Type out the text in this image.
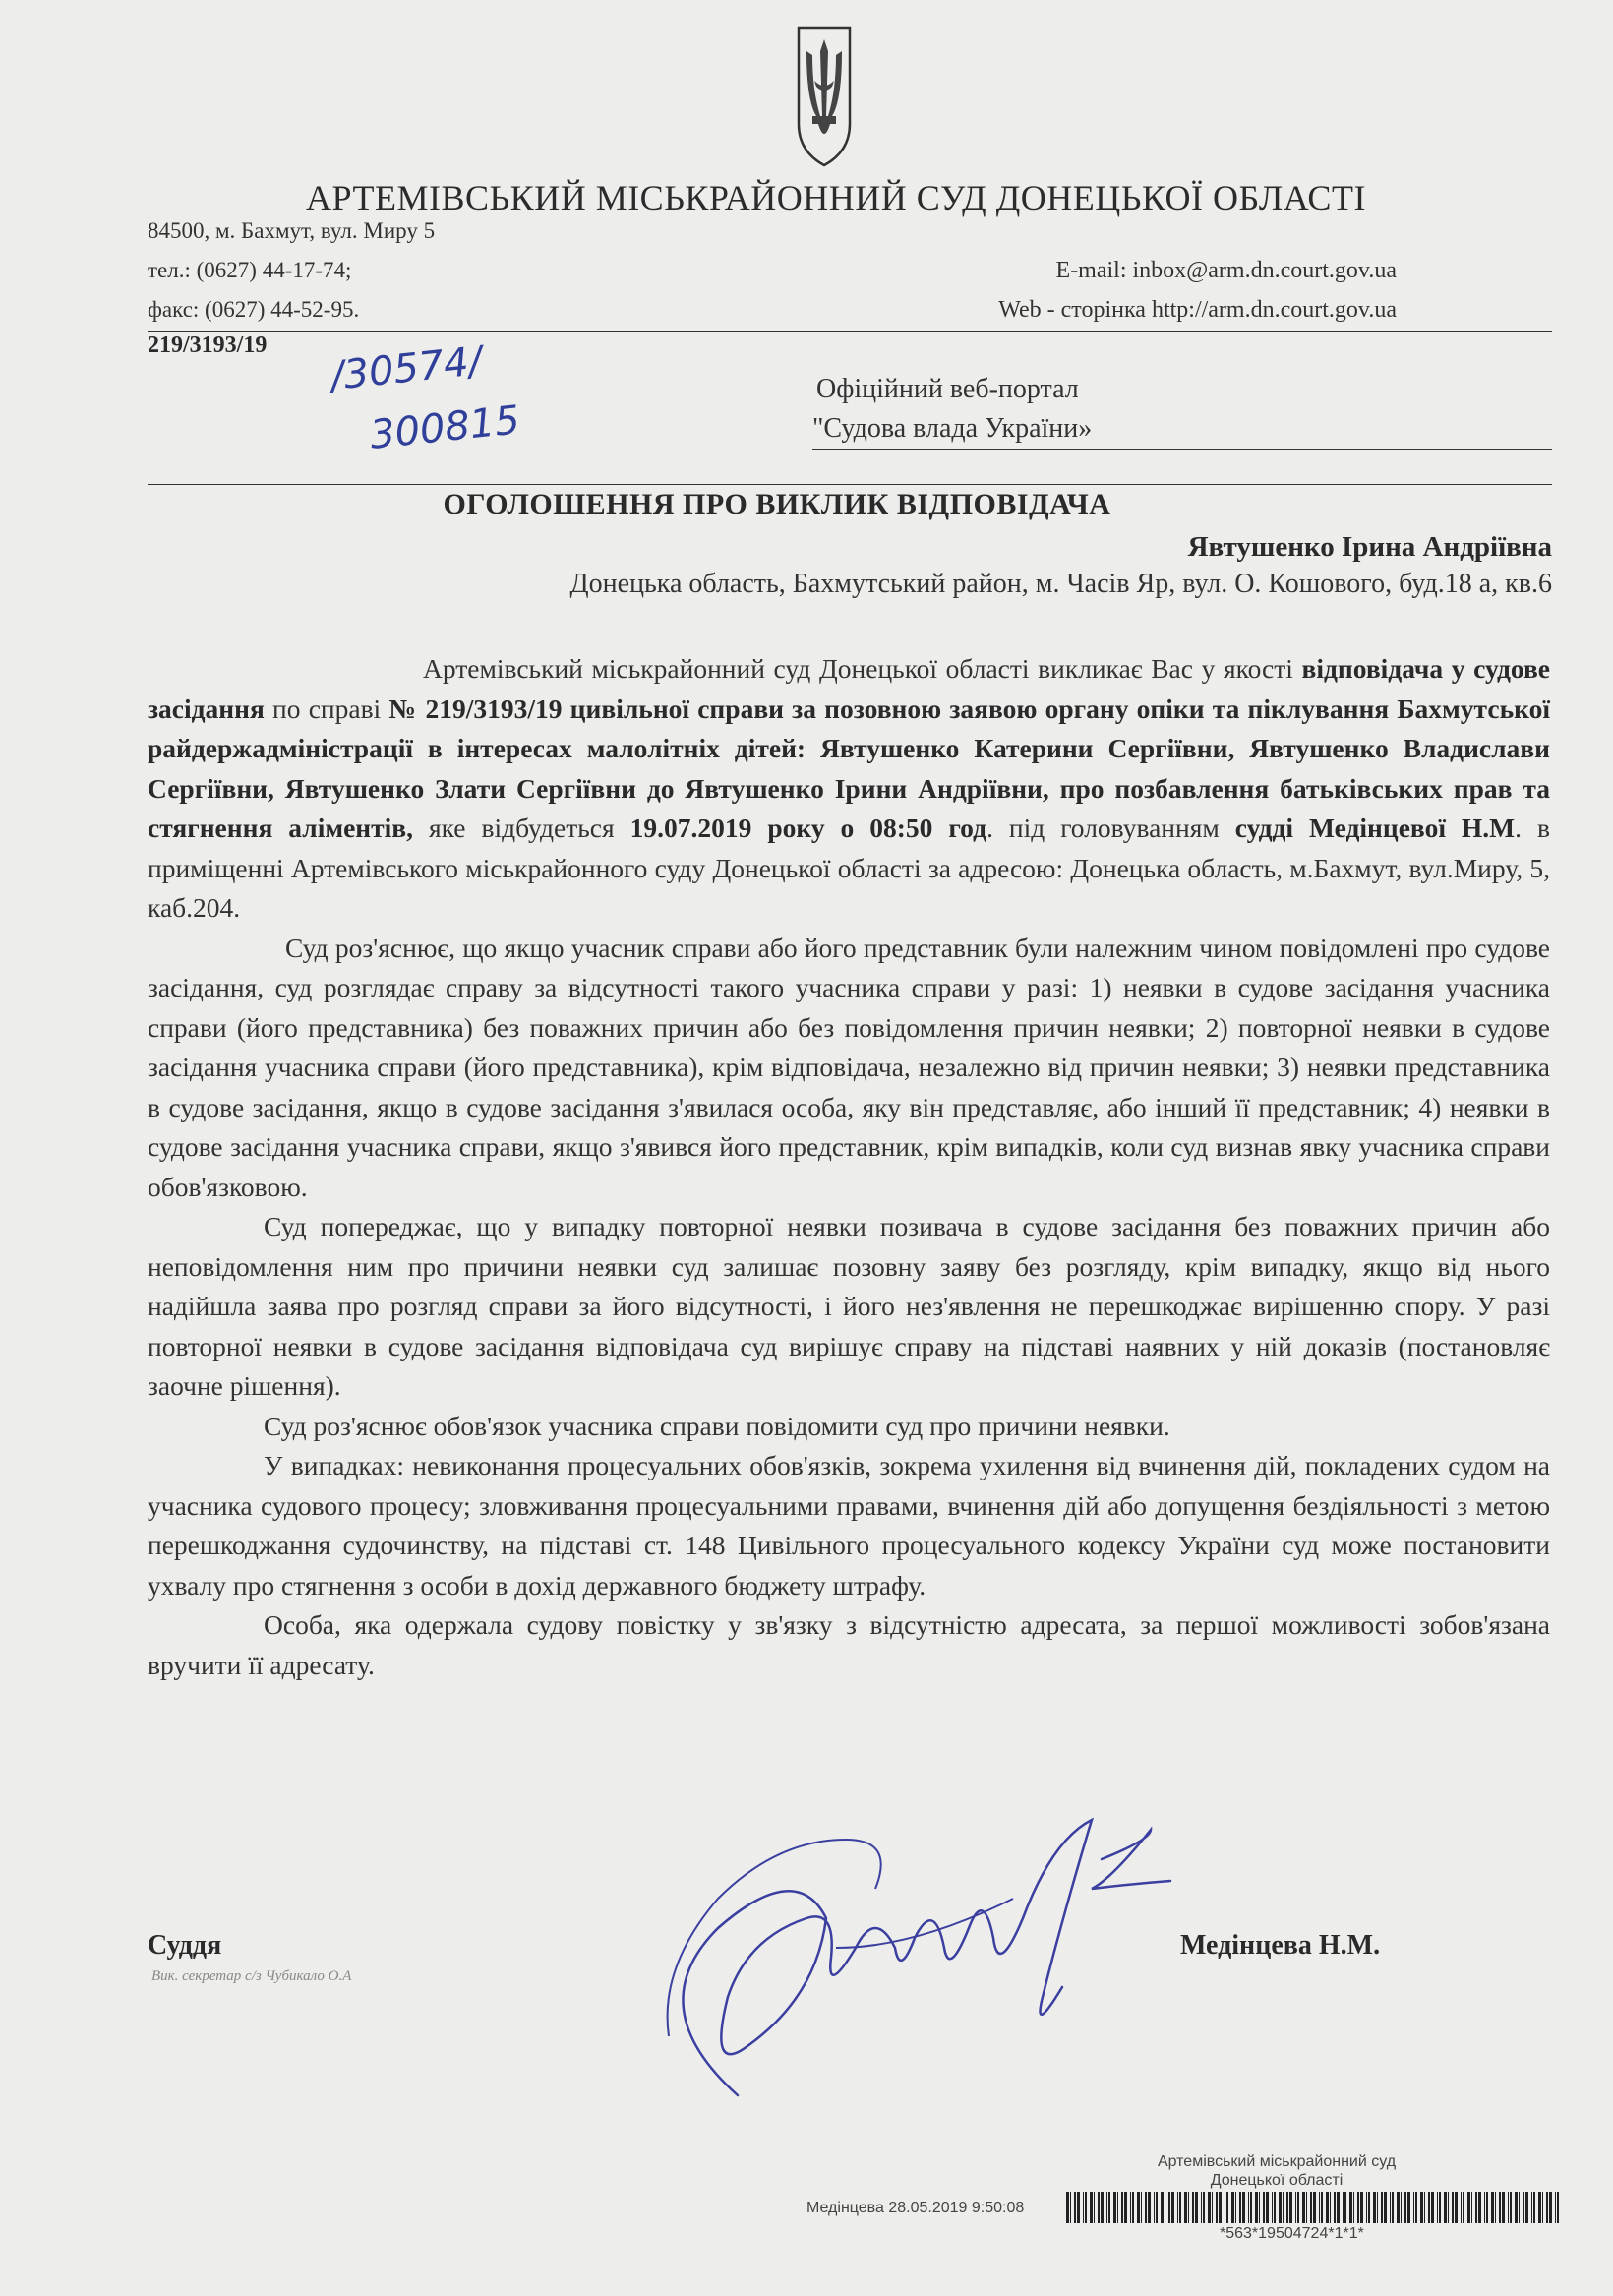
АРТЕМІВСЬКИЙ МІСЬКРАЙОННИЙ СУД ДОНЕЦЬКОЇ ОБЛАСТІ
84500, м. Бахмут, вул. Миру 5
тел.: (0627) 44-17-74;
факс: (0627) 44-52-95.
E-mail: inbox@arm.dn.court.gov.ua
Web - сторінка http://arm.dn.court.gov.ua
219/3193/19 /30574/
300815
Офіційний веб-портал
"Судова влада України»
ОГОЛОШЕННЯ ПРО ВИКЛИК ВІДПОВІДАЧА
Явтушенко Ірина Андріївна
Донецька область, Бахмутський район, м. Часів Яр, вул. О. Кошового, буд.18 а, кв.6

Артемівський міськрайонний суд Донецької області викликає Вас у якості відповідача у судове засідання по справі № 219/3193/19 цивільної справи за позовною заявою органу опіки та піклування Бахмутської райдержадміністрації в інтересах малолітніх дітей: Явтушенко Катерини Сергіївни, Явтушенко Владислави Сергіївни, Явтушенко Злати Сергіївни до Явтушенко Ірини Андріївни, про позбавлення батьківських прав та стягнення аліментів, яке відбудеться 19.07.2019 року о 08:50 год. під головуванням судді Медінцевої Н.М. в приміщенні Артемівського міськрайонного суду Донецької області за адресою: Донецька область, м.Бахмут, вул.Миру, 5, каб.204.

Суд роз'яснює, що якщо учасник справи або його представник були належним чином повідомлені про судове засідання, суд розглядає справу за відсутності такого учасника справи у разі: 1) неявки в судове засідання учасника справи (його представника) без поважних причин або без повідомлення причин неявки; 2) повторної неявки в судове засідання учасника справи (його представника), крім відповідача, незалежно від причин неявки; 3) неявки представника в судове засідання, якщо в судове засідання з'явилася особа, яку він представляє, або інший її представник; 4) неявки в судове засідання учасника справи, якщо з'явився його представник, крім випадків, коли суд визнав явку учасника справи обов'язковою.

Суд попереджає, що у випадку повторної неявки позивача в судове засідання без поважних причин або неповідомлення ним про причини неявки суд залишає позовну заяву без розгляду, крім випадку, якщо від нього надійшла заява про розгляд справи за його відсутності, і його нез'явлення не перешкоджає вирішенню спору. У разі повторної неявки в судове засідання відповідача суд вирішує справу на підставі наявних у ній доказів (постановляє заочне рішення).

Суд роз'яснює обов'язок учасника справи повідомити суд про причини неявки.

У випадках: невиконання процесуальних обов'язків, зокрема ухилення від вчинення дій, покладених судом на учасника судового процесу; зловживання процесуальними правами, вчинення дій або допущення бездіяльності з метою перешкоджання судочинству, на підставі ст. 148 Цивільного процесуального кодексу України суд може постановити ухвалу про стягнення з особи в дохід державного бюджету штрафу.

Особа, яка одержала судову повістку у зв'язку з відсутністю адресата, за першої можливості зобов'язана вручити її адресату.

Суддя
Вик. секретар с/з Чубикало О.А
Медінцева Н.М.
Артемівський міськрайонний суд
Донецької області
Медінцева 28.05.2019 9:50:08
*563*19504724*1*1*
